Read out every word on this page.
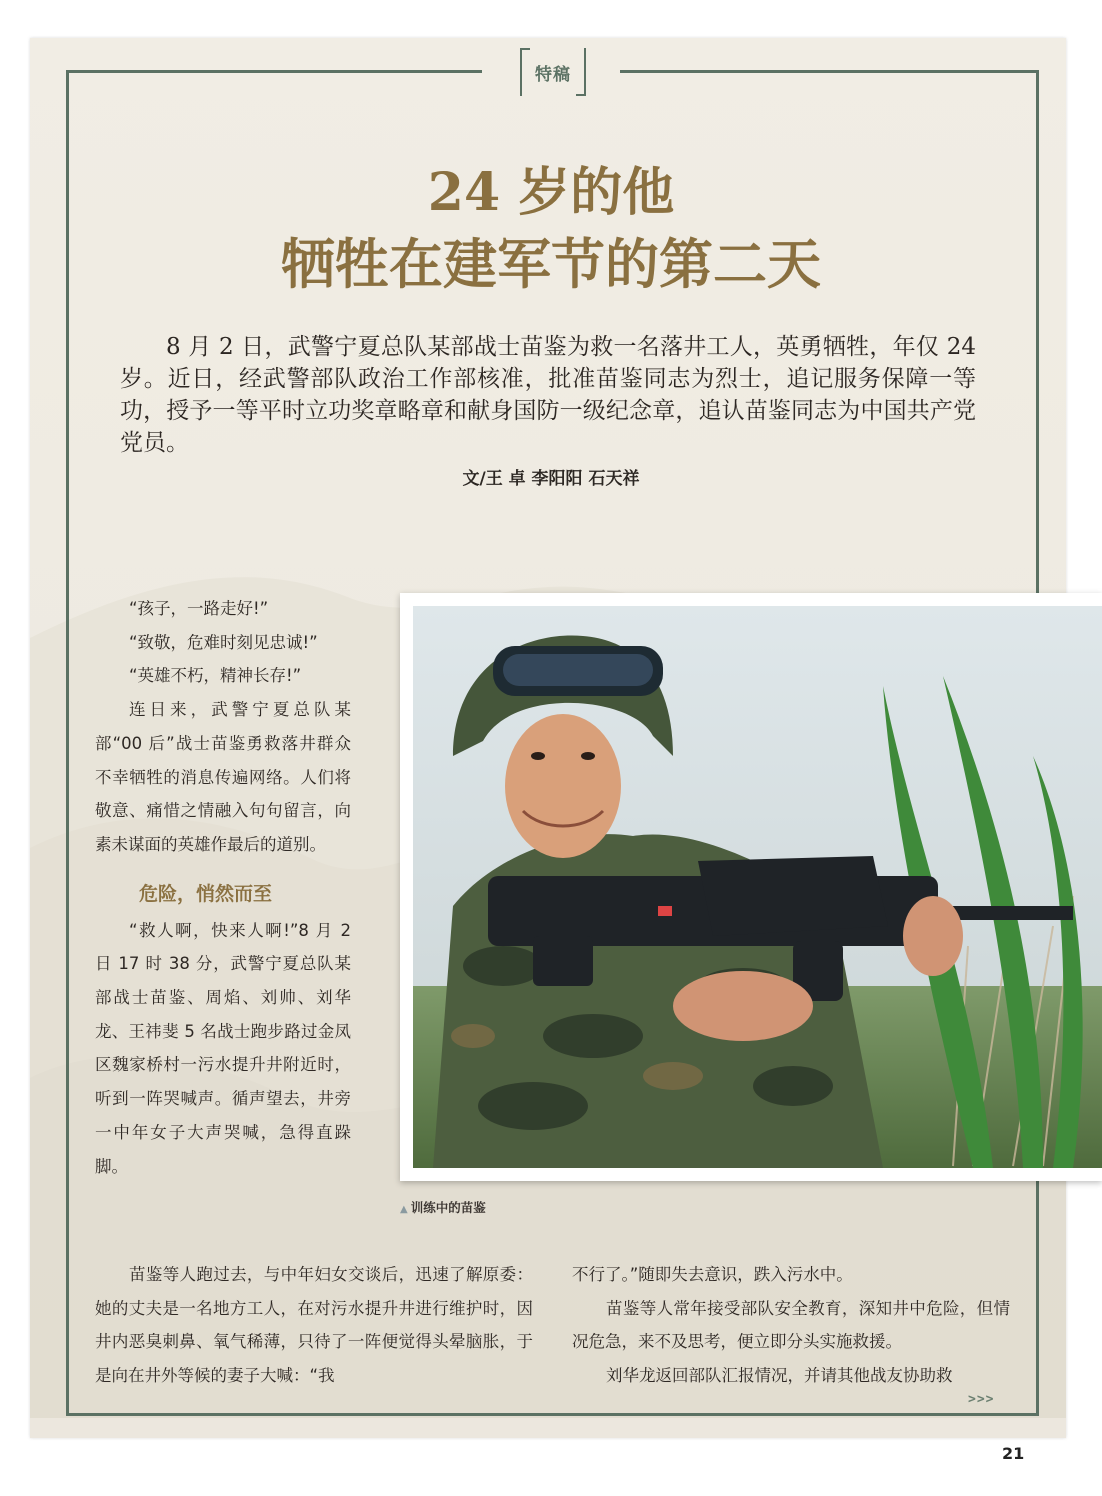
特稿
24 岁的他
牺牲在建军节的第二天

8 月 2 日，武警宁夏总队某部战士苗鉴为救一名落井工人，英勇牺牲，年仅 24 岁。近日，经武警部队政治工作部核准，批准苗鉴同志为烈士，追记服务保障一等功，授予一等平时立功奖章略章和献身国防一级纪念章，追认苗鉴同志为中国共产党党员。

文/王 卓 李阳阳 石天祥

“孩子，一路走好!”

“致敬，危难时刻见忠诚!”

“英雄不朽，精神长存!”

连日来，武警宁夏总队某部“00 后”战士苗鉴勇救落井群众不幸牺牲的消息传遍网络。人们将敬意、痛惜之情融入句句留言，向素未谋面的英雄作最后的道别。

危险，悄然而至

“救人啊，快来人啊!”8 月 2 日 17 时 38 分，武警宁夏总队某部战士苗鉴、周焰、刘帅、刘华龙、王祎斐 5 名战士跑步路过金凤区魏家桥村一污水提升井附近时，听到一阵哭喊声。循声望去，井旁一中年女子大声哭喊，急得直跺脚。

苗鉴等人跑过去，与中年妇女交谈后，迅速了解原委：她的丈夫是一名地方工人，在对污水提升井进行维护时，因井内恶臭刺鼻、氧气稀薄，只待了一阵便觉得头晕脑胀，于是向在井外等候的妻子大喊：“我

不行了。”随即失去意识，跌入污水中。

苗鉴等人常年接受部队安全教育，深知井中危险，但情况危急，来不及思考，便立即分头实施救援。

刘华龙返回部队汇报情况，并请其他战友协助救

▲ 训练中的苗鉴
>>>
21
